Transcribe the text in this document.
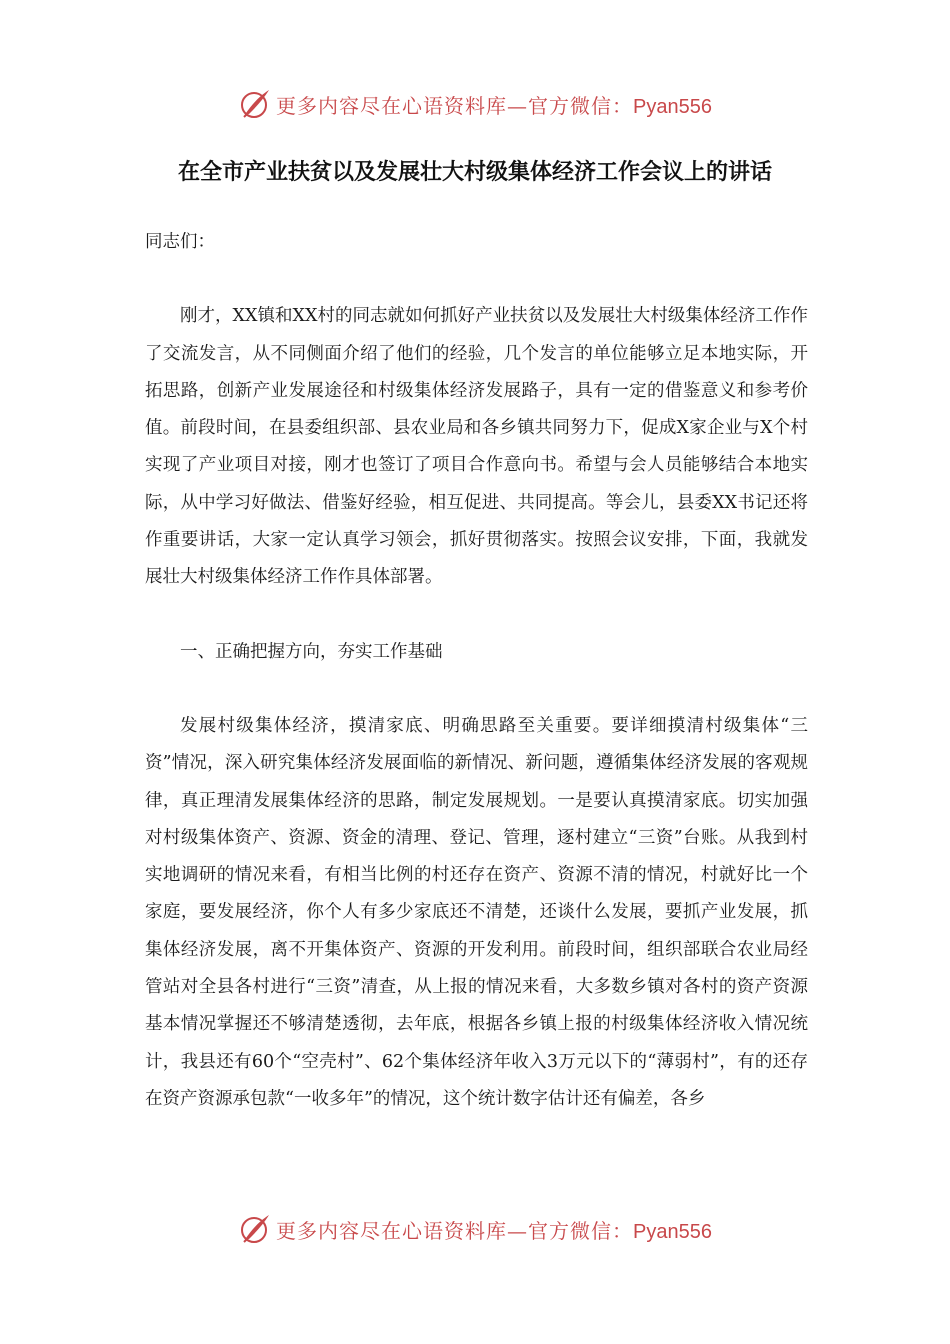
更多内容尽在心语资料库—官方微信：Pyan556
在全市产业扶贫以及发展壮大村级集体经济工作会议上的讲话

同志们：

刚才，XX镇和XX村的同志就如何抓好产业扶贫以及发展壮大村级集体经济工作作了交流发言，从不同侧面介绍了他们的经验，几个发言的单位能够立足本地实际，开拓思路，创新产业发展途径和村级集体经济发展路子，具有一定的借鉴意义和参考价值。前段时间，在县委组织部、县农业局和各乡镇共同努力下，促成X家企业与X个村实现了产业项目对接，刚才也签订了项目合作意向书。希望与会人员能够结合本地实际，从中学习好做法、借鉴好经验，相互促进、共同提高。等会儿，县委XX书记还将作重要讲话，大家一定认真学习领会，抓好贯彻落实。按照会议安排，下面，我就发展壮大村级集体经济工作作具体部署。

一、正确把握方向，夯实工作基础

发展村级集体经济，摸清家底、明确思路至关重要。要详细摸清村级集体“三资”情况，深入研究集体经济发展面临的新情况、新问题，遵循集体经济发展的客观规律，真正理清发展集体经济的思路，制定发展规划。一是要认真摸清家底。切实加强对村级集体资产、资源、资金的清理、登记、管理，逐村建立“三资”台账。从我到村实地调研的情况来看，有相当比例的村还存在资产、资源不清的情况，村就好比一个家庭，要发展经济，你个人有多少家底还不清楚，还谈什么发展，要抓产业发展，抓集体经济发展，离不开集体资产、资源的开发利用。前段时间，组织部联合农业局经管站对全县各村进行“三资”清查，从上报的情况来看，大多数乡镇对各村的资产资源基本情况掌握还不够清楚透彻，去年底，根据各乡镇上报的村级集体经济收入情况统计，我县还有60个“空壳村”、62个集体经济年收入3万元以下的“薄弱村”，有的还存在资产资源承包款“一收多年”的情况，这个统计数字估计还有偏差，各乡

更多内容尽在心语资料库—官方微信：Pyan556
